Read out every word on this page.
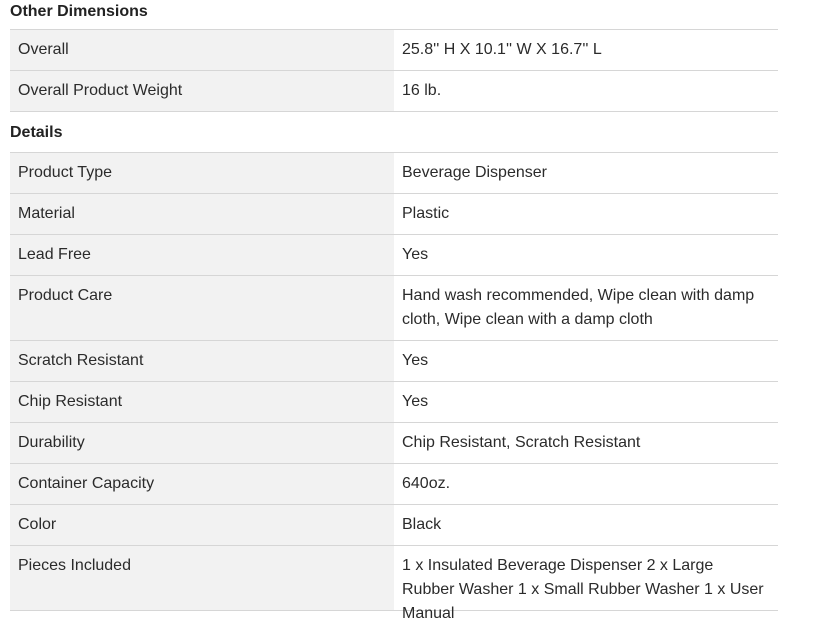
Other Dimensions
Overall	25.8'' H X 10.1'' W X 16.7'' L
Overall Product Weight	16 lb.
Details
Product Type	Beverage Dispenser
Material	Plastic
Lead Free	Yes
Product Care	Hand wash recommended, Wipe clean with damp cloth, Wipe clean with a damp cloth
Scratch Resistant	Yes
Chip Resistant	Yes
Durability	Chip Resistant, Scratch Resistant
Container Capacity	640oz.
Color	Black
Pieces Included	1 x Insulated Beverage Dispenser 2 x Large Rubber Washer 1 x Small Rubber Washer 1 x User Manual
